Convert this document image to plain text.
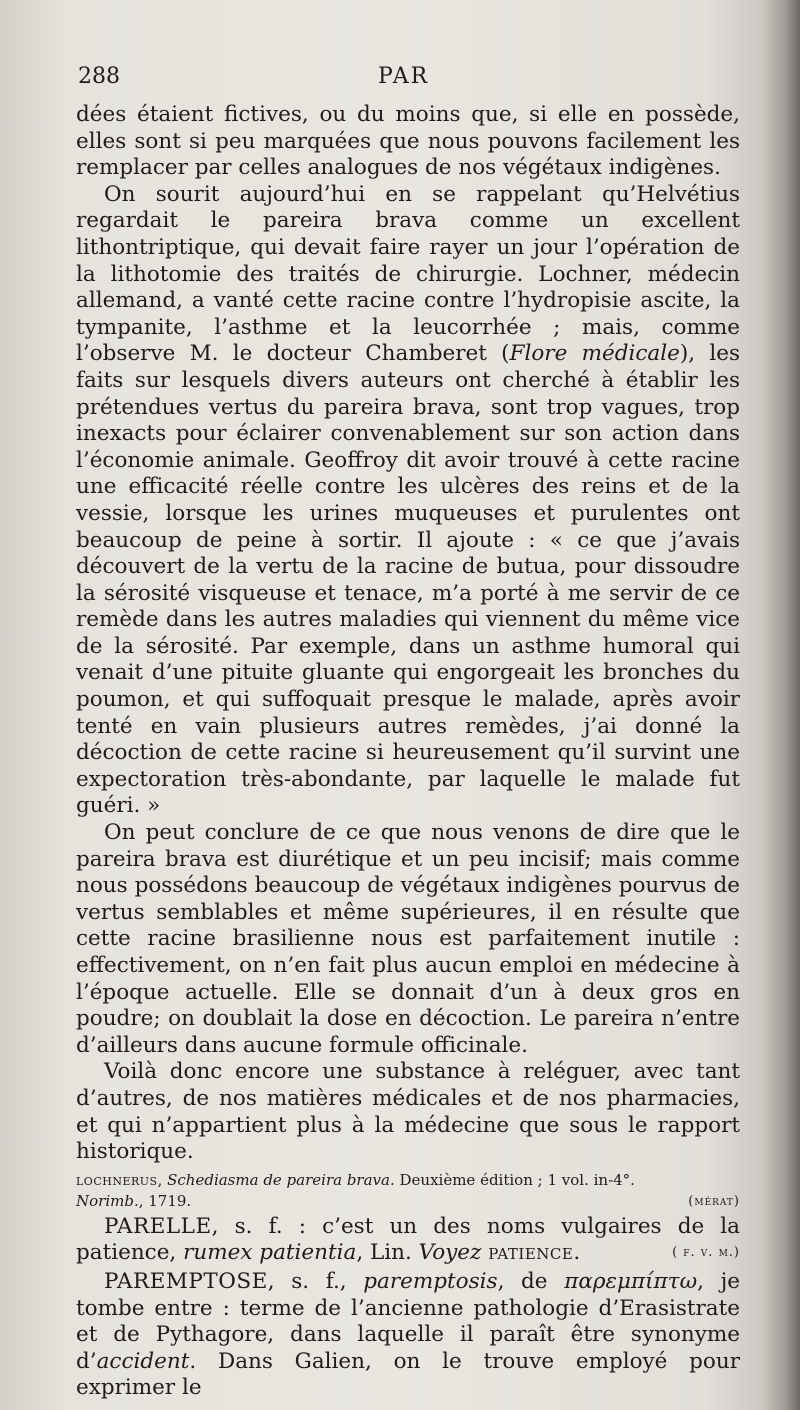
288	PAR

dées étaient fictives, ou du moins que, si elle en possède, elles sont si peu marquées que nous pouvons facilement les remplacer par celles analogues de nos végétaux indigènes.

On sourit aujourd’hui en se rappelant qu’Helvétius regardait le pareira brava comme un excellent lithontriptique, qui devait faire rayer un jour l’opération de la lithotomie des traités de chirurgie. Lochner, médecin allemand, a vanté cette racine contre l’hydropisie ascite, la tympanite, l’asthme et la leucorrhée ; mais, comme l’observe M. le docteur Chamberet (Flore médicale), les faits sur lesquels divers auteurs ont cherché à établir les prétendues vertus du pareira brava, sont trop vagues, trop inexacts pour éclairer convenablement sur son action dans l’économie animale. Geoffroy dit avoir trouvé à cette racine une efficacité réelle contre les ulcères des reins et de la vessie, lorsque les urines muqueuses et purulentes ont beaucoup de peine à sortir. Il ajoute : « ce que j’avais découvert de la vertu de la racine de butua, pour dissoudre la sérosité visqueuse et tenace, m’a porté à me servir de ce remède dans les autres maladies qui viennent du même vice de la sérosité. Par exemple, dans un asthme humoral qui venait d’une pituite gluante qui engorgeait les bronches du poumon, et qui suffoquait presque le malade, après avoir tenté en vain plusieurs autres remèdes, j’ai donné la décoction de cette racine si heureusement qu’il survint une expectoration très-abondante, par laquelle le malade fut guéri. »

On peut conclure de ce que nous venons de dire que le pareira brava est diurétique et un peu incisif; mais comme nous possédons beaucoup de végétaux indigènes pourvus de vertus semblables et même supérieures, il en résulte que cette racine brasilienne nous est parfaitement inutile : effectivement, on n’en fait plus aucun emploi en médecine à l’époque actuelle. Elle se donnait d’un à deux gros en poudre; on doublait la dose en décoction. Le pareira n’entre d’ailleurs dans aucune formule officinale.

Voilà donc encore une substance à reléguer, avec tant d’autres, de nos matières médicales et de nos pharmacies, et qui n’appartient plus à la médecine que sous le rapport historique.

lochnerus, Schediasma de pareira brava. Deuxième édition ; 1 vol. in-4°.
Norimb., 1719.	(mérat)

PARELLE, s. f. : c’est un des noms vulgaires de la patience, rumex patientia, Lin. Voyez patience.	( f. v. m.)

PAREMPTOSE, s. f., paremptosis, de παρεμπίπτω, je tombe entre : terme de l’ancienne pathologie d’Erasistrate et de Pythagore, dans laquelle il paraît être synonyme d’accident. Dans Galien, on le trouve employé pour exprimer le
